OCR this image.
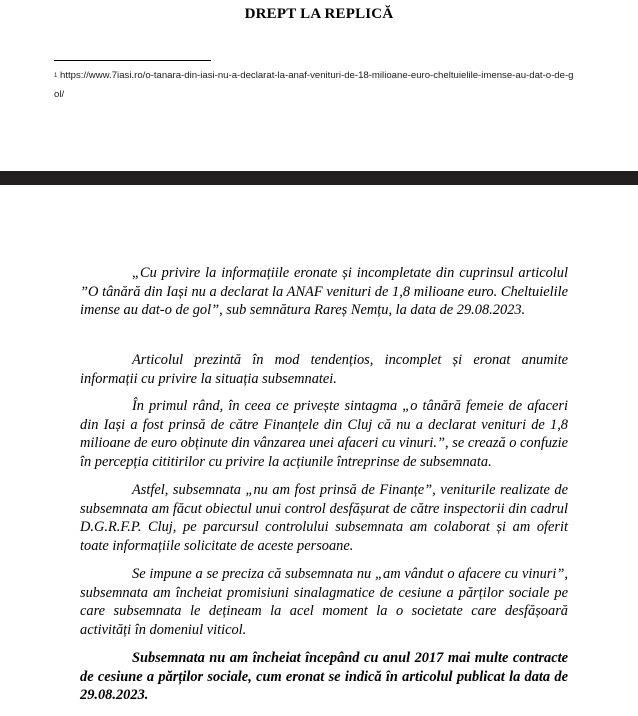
DREPT LA REPLICĂ
$^1$ https://www.7iasi.ro/o-tanara-din-iasi-nu-a-declarat-la-anaf-venituri-de-18-milioane-euro-cheltuielile-imense-au-dat-o-de-gol/

„Cu privire la informațiile eronate și incompletate din cuprinsul articolul ”O tânără din Iași nu a declarat la ANAF venituri de 1,8 milioane euro. Cheltuielile imense au dat-o de gol”, sub semnătura Rareș Nemțu, la data de 29.08.2023.

Articolul prezintă în mod tendențios, incomplet și eronat anumite informații cu privire la situația subsemnatei.

În primul rând, în ceea ce privește sintagma „o tânără femeie de afaceri din Iași a fost prinsă de către Finanțele din Cluj că nu a declarat venituri de 1,8 milioane de euro obținute din vânzarea unei afaceri cu vinuri.”, se crează o confuzie în percepția cititirilor cu privire la acțiunile întreprinse de subsemnata.

Astfel, subsemnata „nu am fost prinsă de Finanțe”, veniturile realizate de subsemnata am făcut obiectul unui control desfășurat de către inspectorii din cadrul D.G.R.F.P. Cluj, pe parcursul controlului subsemnata am colaborat și am oferit toate informațiile solicitate de aceste persoane.

Se impune a se preciza că subsemnata nu „am vândut o afacere cu vinuri”, subsemnata am încheiat promisiuni sinalagmatice de cesiune a părților sociale pe care subsemnata le dețineam la acel moment la o societate care desfășoară activități în domeniul viticol.

Subsemnata nu am încheiat începând cu anul 2017 mai multe contracte de cesiune a părților sociale, cum eronat se indică în articolul publicat la data de 29.08.2023.
